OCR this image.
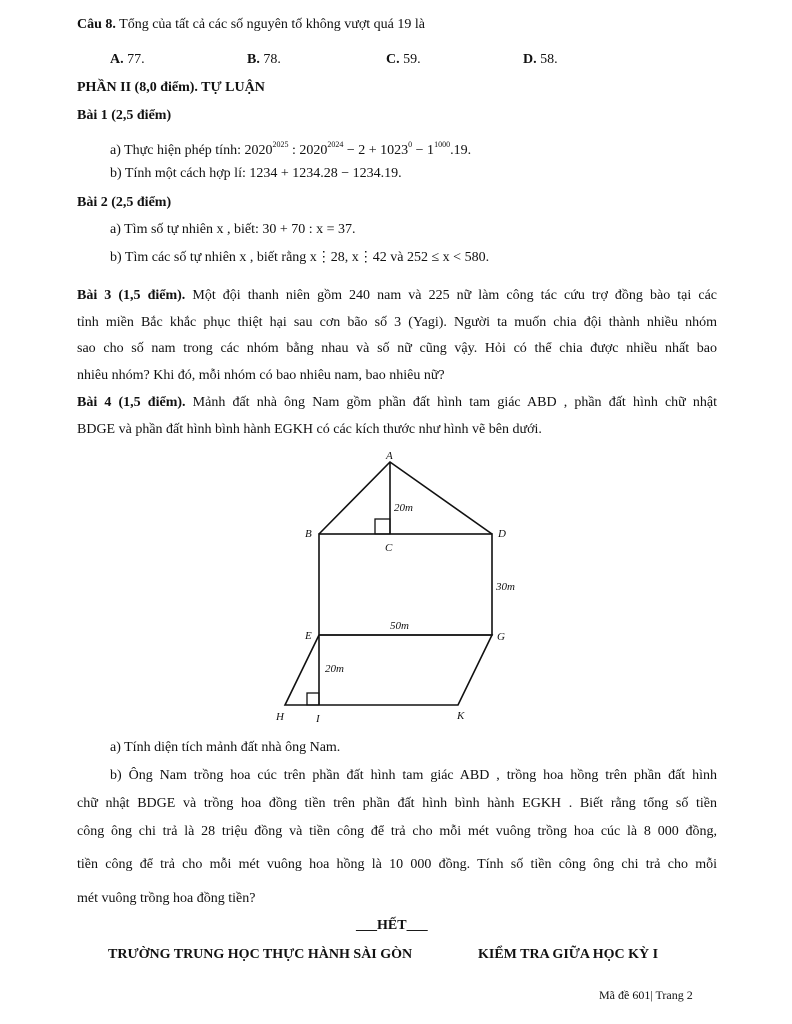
Câu 8. Tổng của tất cả các số nguyên tố không vượt quá 19 là
A. 77.	B. 78.	C. 59.	D. 58.
PHẦN II (8,0 điểm). TỰ LUẬN
Bài 1 (2,5 điểm)
a) Thực hiện phép tính: $2020^{2025}$ : $2020^{2024} - 2 + 1023^0 - 1^{1000}.19$.
b) Tính một cách hợp lí: 1234 + 1234.28 − 1234.19.
Bài 2 (2,5 điểm)
a) Tìm số tự nhiên x , biết: 30 + 70 : x = 37.
b) Tìm các số tự nhiên x , biết rằng x⋮28, x⋮42 và 252 ≤ x < 580.
Bài 3 (1,5 điểm). Một đội thanh niên gồm 240 nam và 225 nữ làm công tác cứu trợ đồng bào tại các
tỉnh miền Bắc khắc phục thiệt hại sau cơn bão số 3 (Yagi). Người ta muốn chia đội thành nhiều nhóm
sao cho số nam trong các nhóm bằng nhau và số nữ cũng vậy. Hỏi có thể chia được nhiều nhất bao
nhiêu nhóm? Khi đó, mỗi nhóm có bao nhiêu nam, bao nhiêu nữ?
Bài 4 (1,5 điểm). Mảnh đất nhà ông Nam gồm phần đất hình tam giác ABD , phần đất hình chữ nhật
BDGE và phần đất hình bình hành EGKH có các kích thước như hình vẽ bên dưới.
A
B
C
D
E	G
H	I	K
20m
30m
50m
20m
a) Tính diện tích mảnh đất nhà ông Nam.
b) Ông Nam trồng hoa cúc trên phần đất hình tam giác ABD , trồng hoa hồng trên phần đất hình
chữ nhật BDGE và trồng hoa đồng tiền trên phần đất hình bình hành EGKH . Biết rằng tổng số tiền
công ông chi trả là 28 triệu đồng và tiền công để trả cho mỗi mét vuông trồng hoa cúc là 8 000 đồng,
tiền công để trả cho mỗi mét vuông hoa hồng là 10 000 đồng. Tính số tiền công ông chi trả cho mỗi
mét vuông trồng hoa đồng tiền?
___HẾT___
TRƯỜNG TRUNG HỌC THỰC HÀNH SÀI GÒN	KIỂM TRA GIỮA HỌC KỲ I
Mã đề 601| Trang 2
